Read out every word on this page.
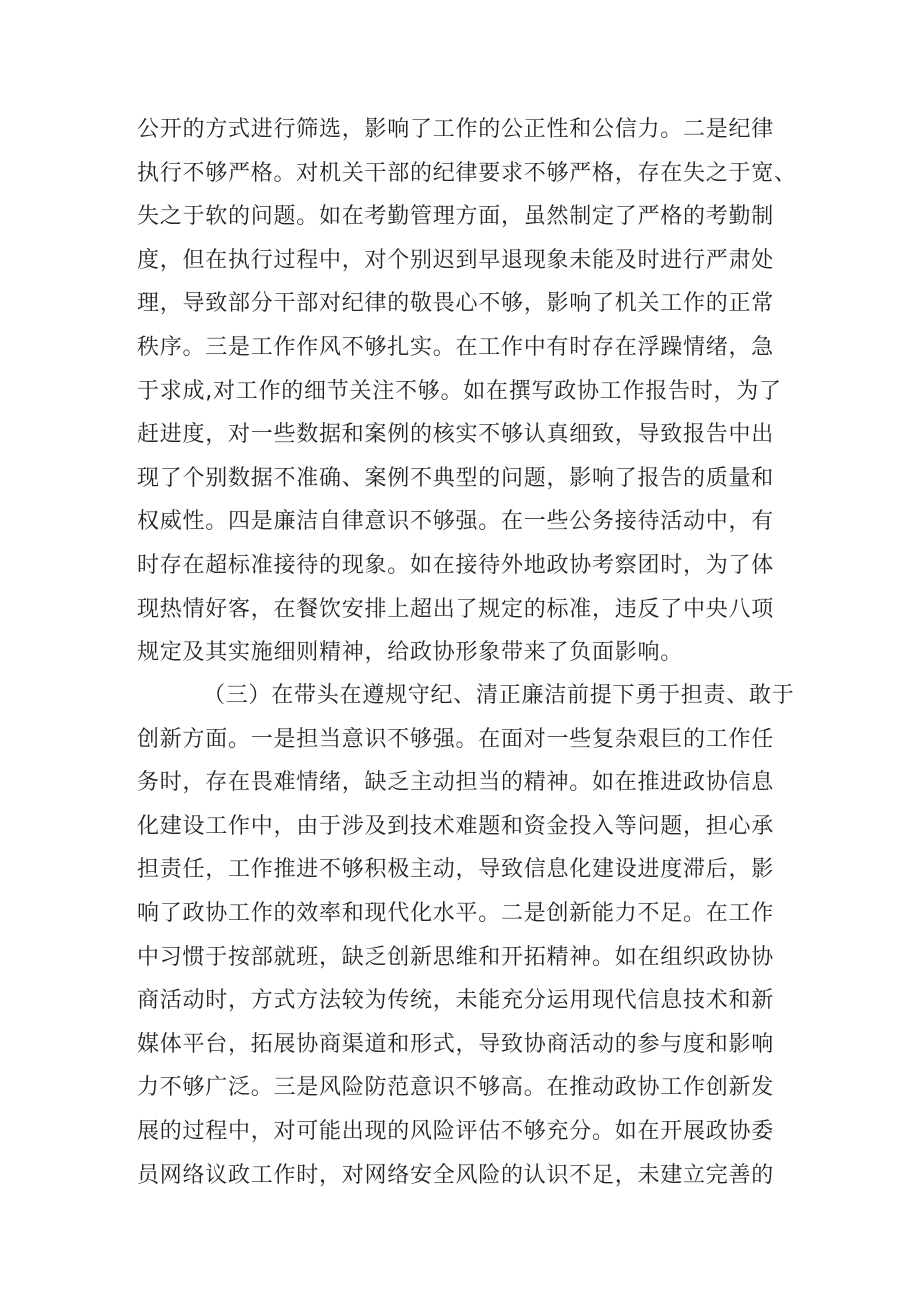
公开的方式进行筛选，影响了工作的公正性和公信力。二是纪律
执行不够严格。对机关干部的纪律要求不够严格，存在失之于宽、
失之于软的问题。如在考勤管理方面，虽然制定了严格的考勤制
度，但在执行过程中，对个别迟到早退现象未能及时进行严肃处
理，导致部分干部对纪律的敬畏心不够，影响了机关工作的正常
秩序。三是工作作风不够扎实。在工作中有时存在浮躁情绪，急
于求成,对工作的细节关注不够。如在撰写政协工作报告时，为了
赶进度，对一些数据和案例的核实不够认真细致，导致报告中出
现了个别数据不准确、案例不典型的问题，影响了报告的质量和
权威性。四是廉洁自律意识不够强。在一些公务接待活动中，有
时存在超标准接待的现象。如在接待外地政协考察团时，为了体
现热情好客，在餐饮安排上超出了规定的标准，违反了中央八项
规定及其实施细则精神，给政协形象带来了负面影响。
（三）在带头在遵规守纪、清正廉洁前提下勇于担责、敢于
创新方面。一是担当意识不够强。在面对一些复杂艰巨的工作任
务时，存在畏难情绪，缺乏主动担当的精神。如在推进政协信息
化建设工作中，由于涉及到技术难题和资金投入等问题，担心承
担责任，工作推进不够积极主动，导致信息化建设进度滞后，影
响了政协工作的效率和现代化水平。二是创新能力不足。在工作
中习惯于按部就班，缺乏创新思维和开拓精神。如在组织政协协
商活动时，方式方法较为传统，未能充分运用现代信息技术和新
媒体平台，拓展协商渠道和形式，导致协商活动的参与度和影响
力不够广泛。三是风险防范意识不够高。在推动政协工作创新发
展的过程中，对可能出现的风险评估不够充分。如在开展政协委
员网络议政工作时，对网络安全风险的认识不足，未建立完善的
